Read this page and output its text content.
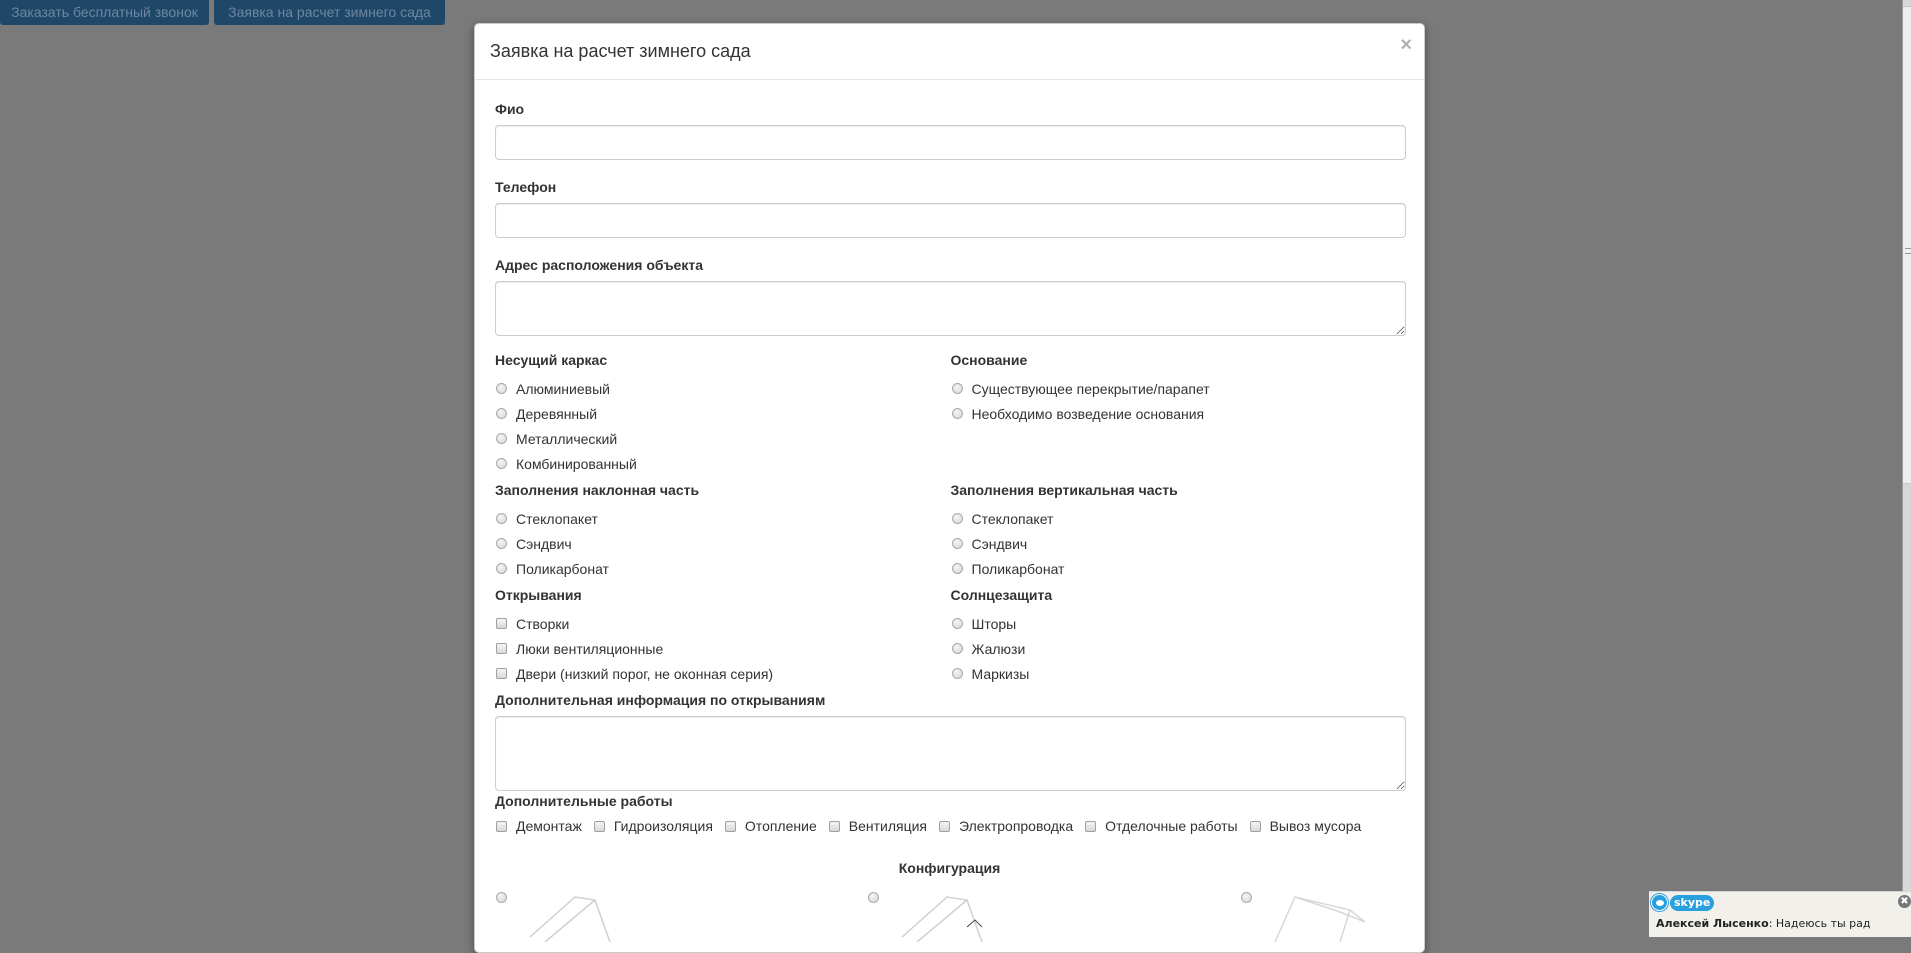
Заказать бесплатный звонок	Заявка на расчет зимнего сада
Заявка на расчет зимнего сада	×
Фио
Телефон
Адрес расположения объекта
Несущий каркас
Алюминиевый
Деревянный
Металлический
Комбинированный
Основание
Существующее перекрытие/парапет
Необходимо возведение основания
Заполнения наклонная часть
Стеклопакет
Сэндвич
Поликарбонат
Заполнения вертикальная часть
Стеклопакет
Сэндвич
Поликарбонат
Открывания
Створки
Люки вентиляционные
Двери (низкий порог, не оконная серия)
Солнцезащита
Шторы
Жалюзи
Маркизы
Дополнительная информация по открываниям
Дополнительные работы
Демонтаж Гидроизоляция Отопление Вентиляция Электропроводка Отделочные работы Вывоз мусора
Конфигурация
skype	✖
Алексей Лысенко: Надеюсь ты рад
